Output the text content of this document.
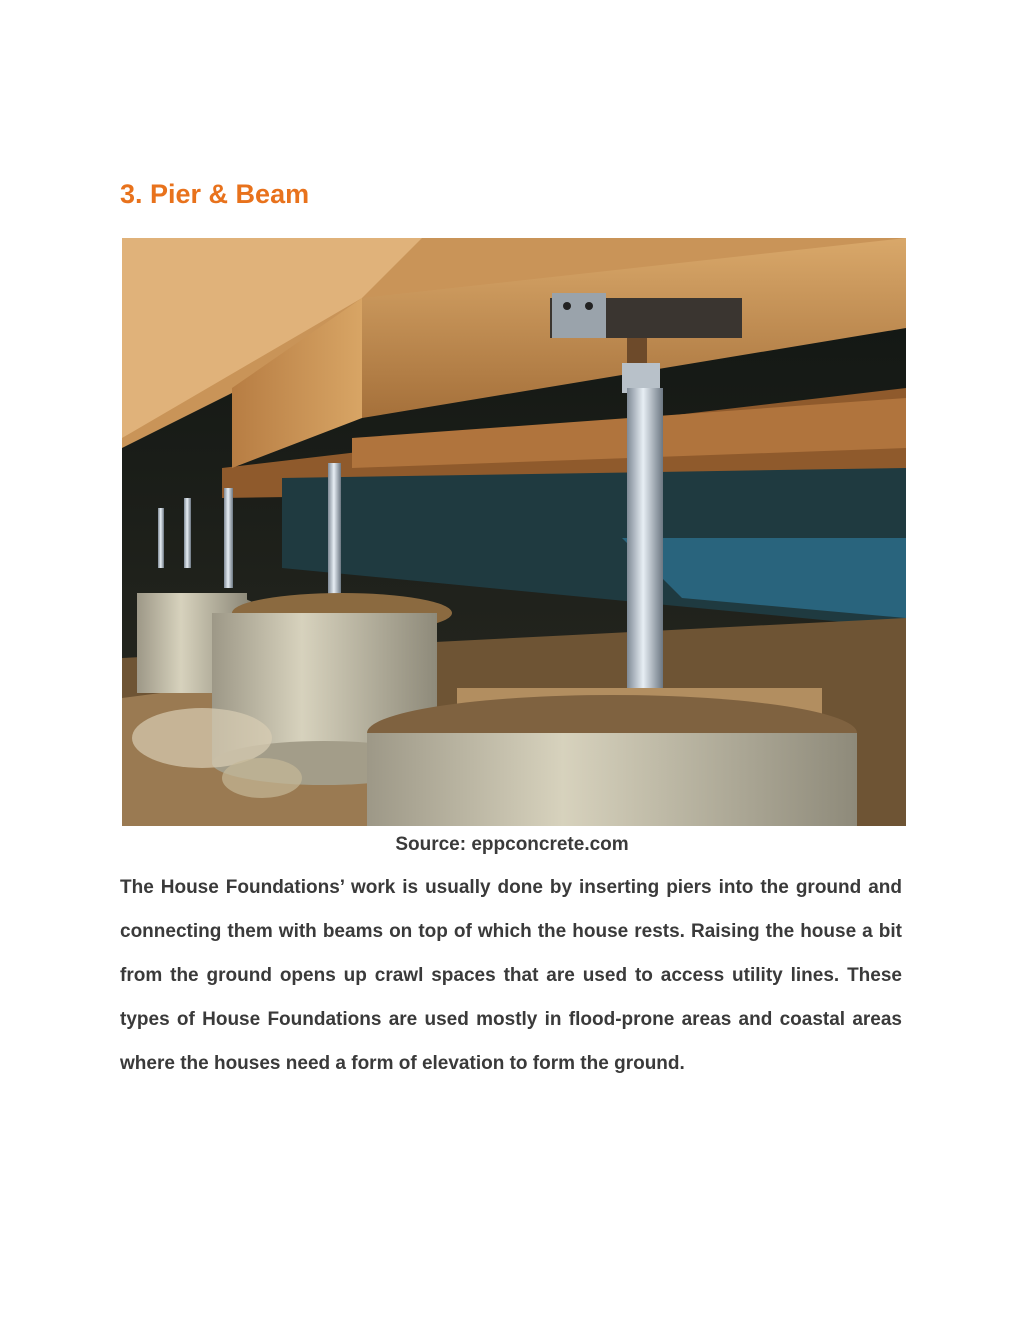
3. Pier & Beam
Source: eppconcrete.com

The House Foundations’ work is usually done by inserting piers into the ground and connecting them with beams on top of which the house rests. Raising the house a bit from the ground opens up crawl spaces that are used to access utility lines. These types of House Foundations are used mostly in flood-prone areas and coastal areas where the houses need a form of elevation to form the ground.
